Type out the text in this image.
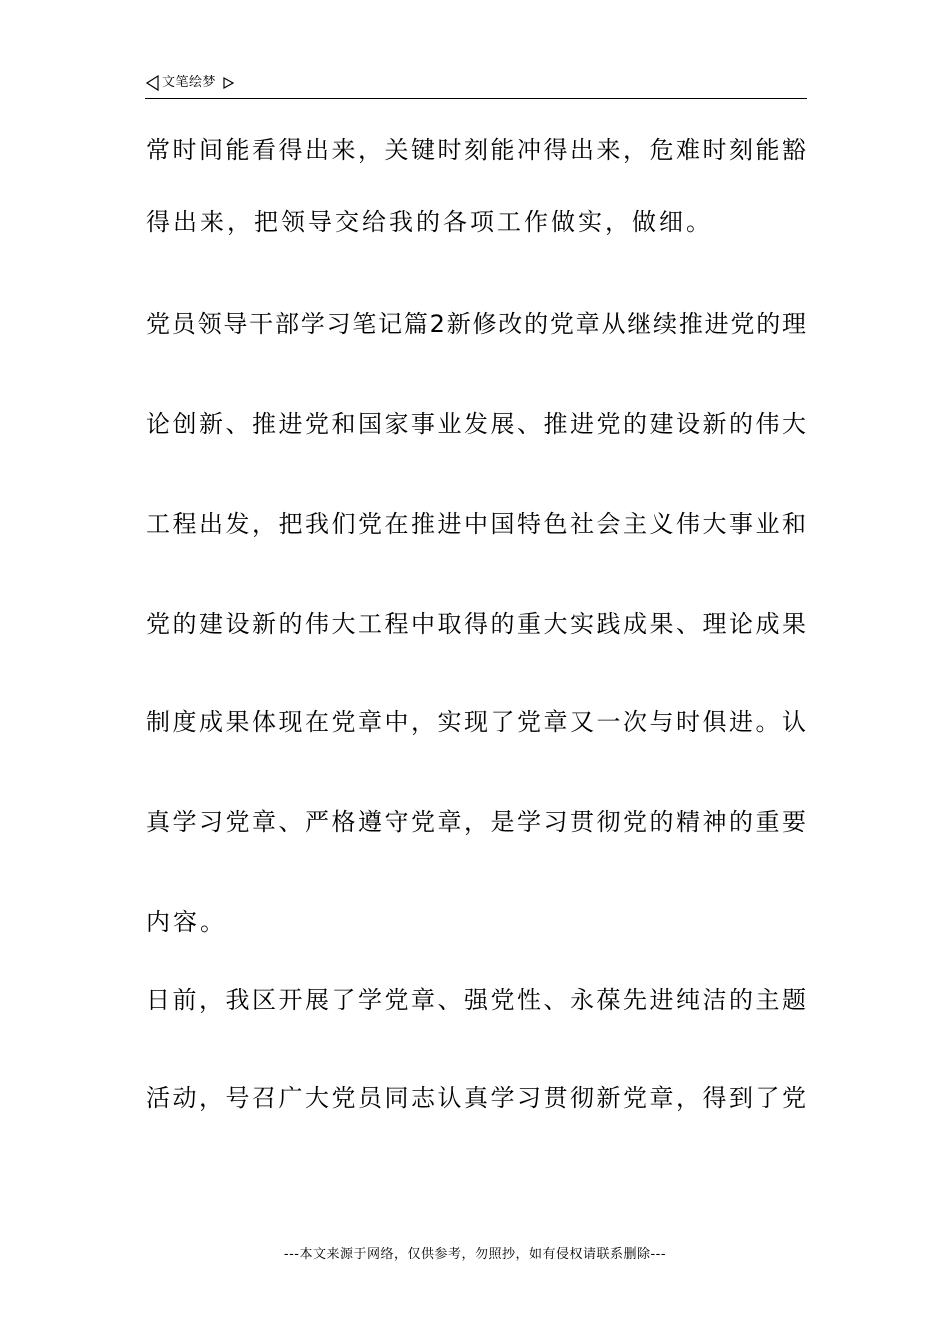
文笔绘梦
常时间能看得出来，关键时刻能冲得出来，危难时刻能豁
得出来，把领导交给我的各项工作做实，做细。
党员领导干部学习笔记篇2新修改的党章从继续推进党的理
论创新、推进党和国家事业发展、推进党的建设新的伟大
工程出发，把我们党在推进中国特色社会主义伟大事业和
党的建设新的伟大工程中取得的重大实践成果、理论成果
制度成果体现在党章中，实现了党章又一次与时俱进。认
真学习党章、严格遵守党章，是学习贯彻党的精神的重要
内容。
日前，我区开展了学党章、强党性、永葆先进纯洁的主题
活动，号召广大党员同志认真学习贯彻新党章，得到了党
---本文来源于网络，仅供参考，勿照抄，如有侵权请联系删除---
